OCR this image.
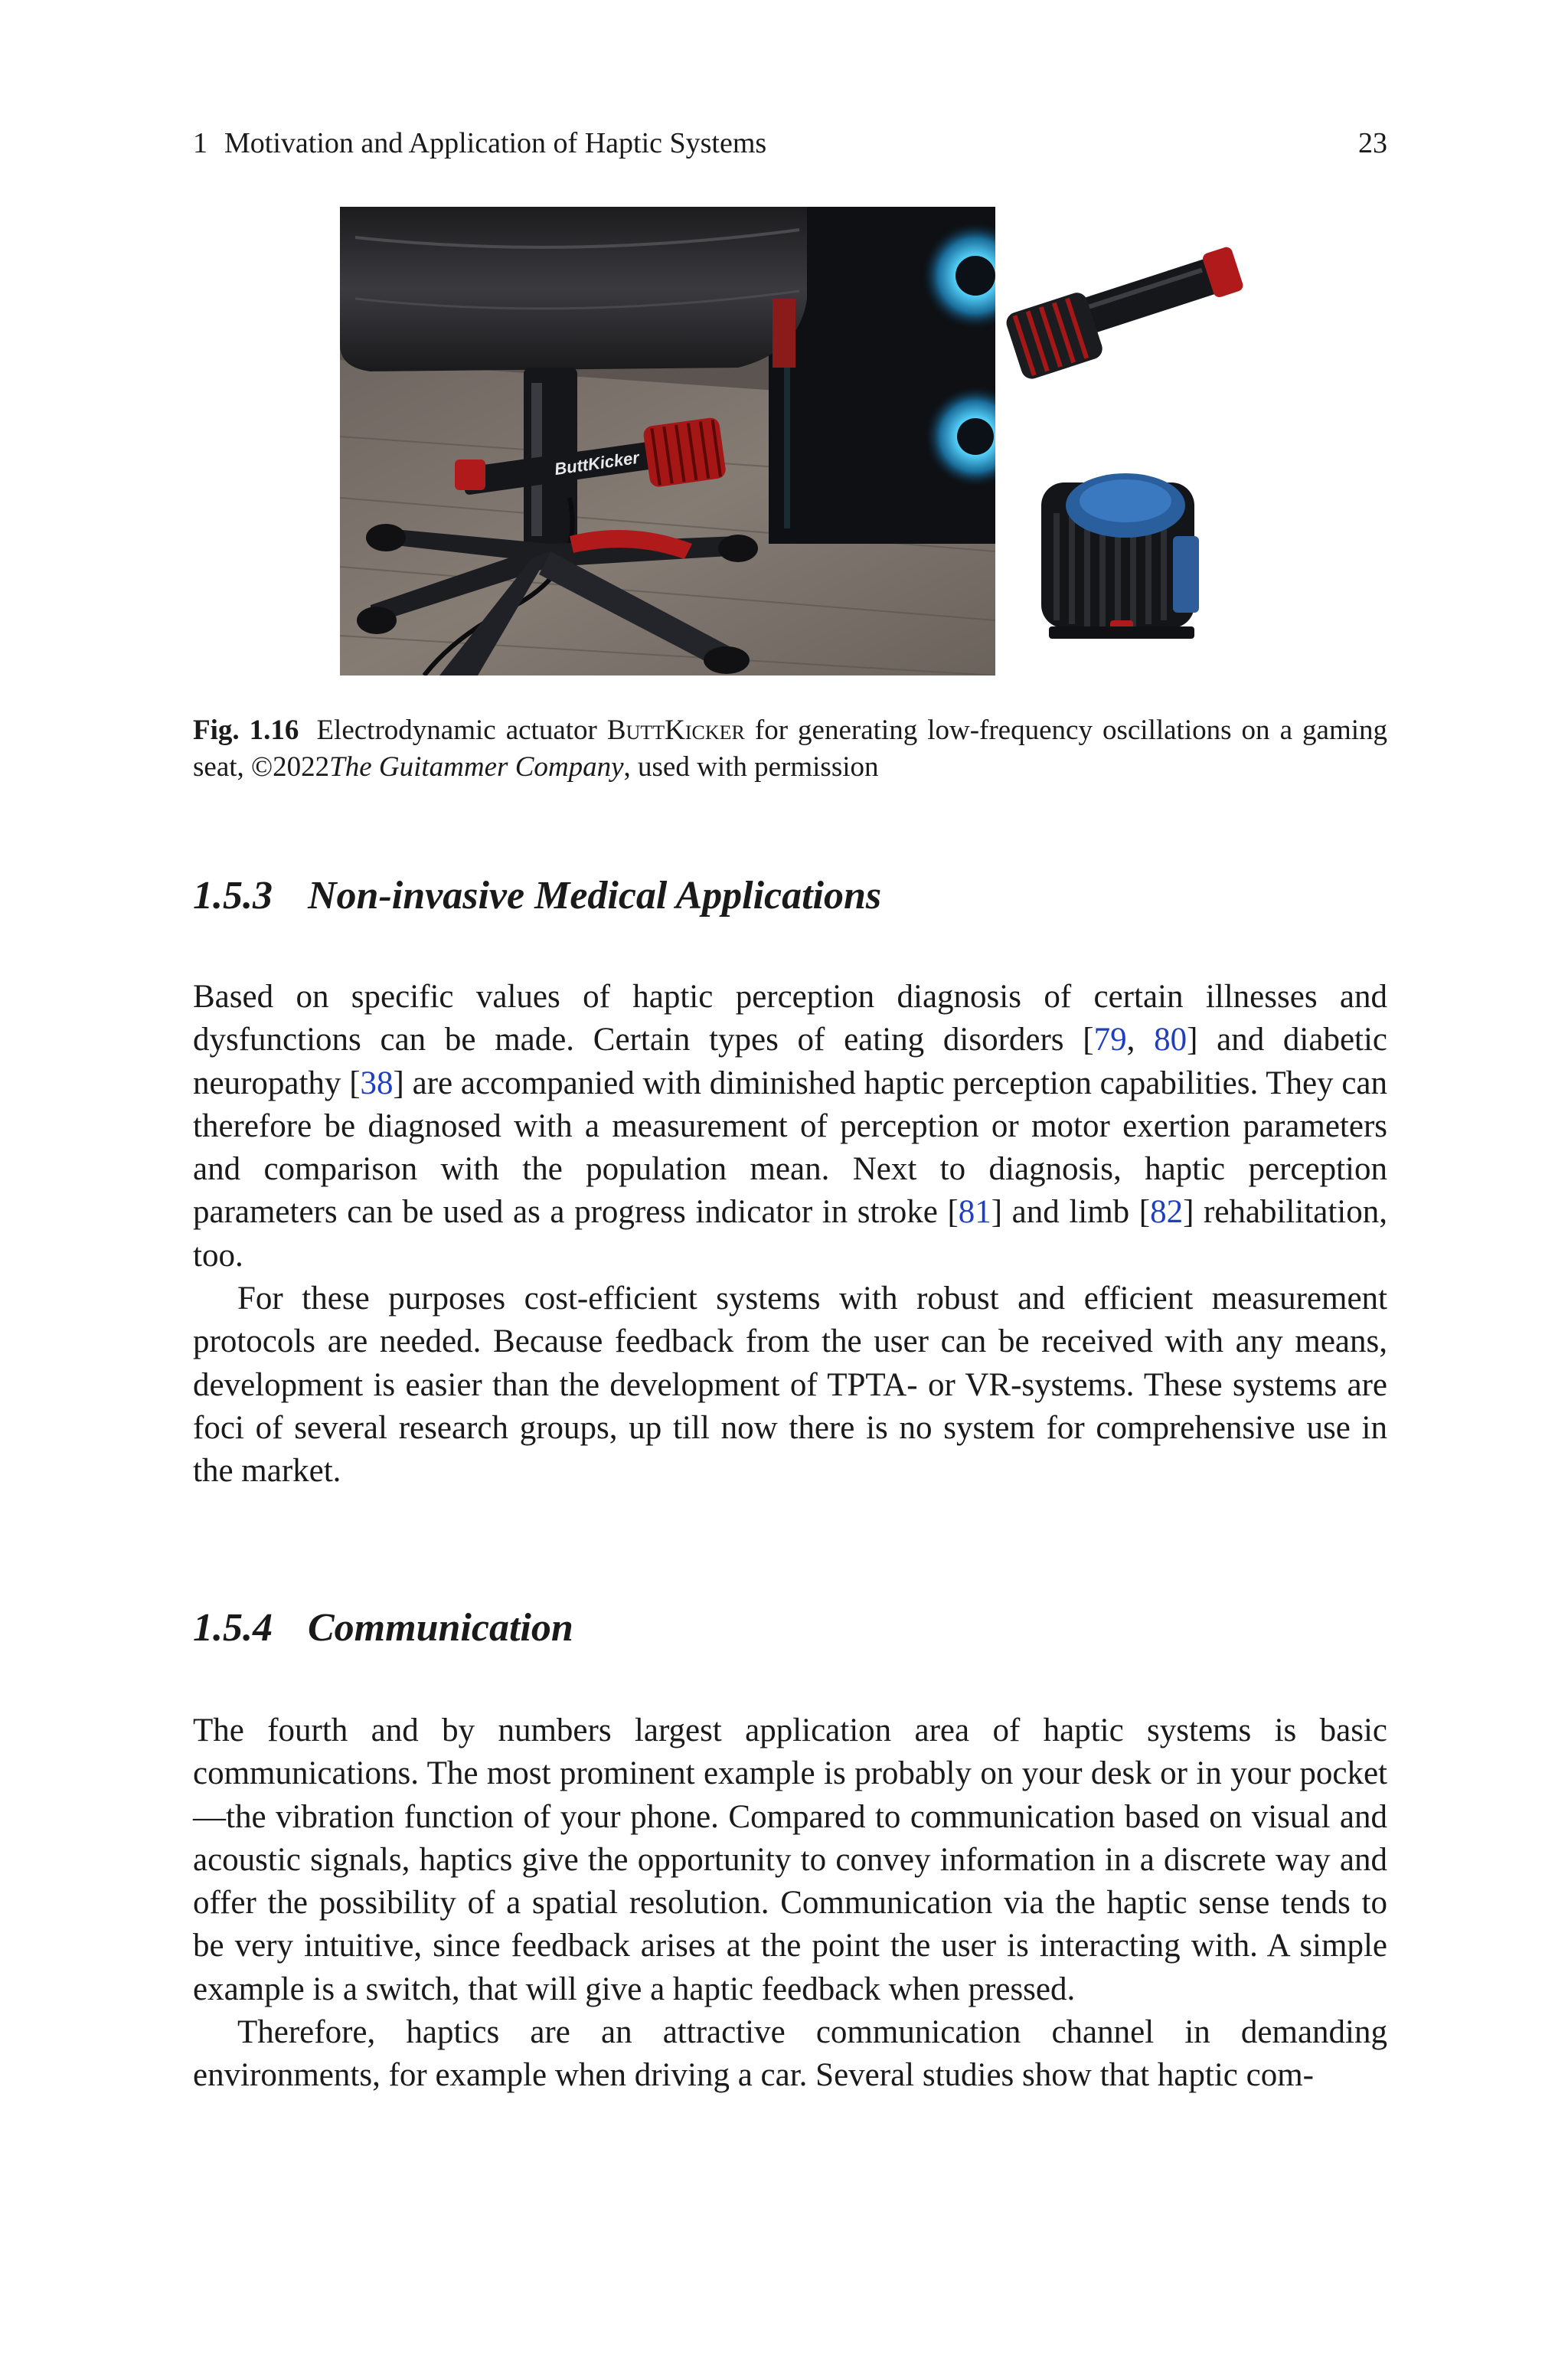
1 Motivation and Application of Haptic Systems	23
ButtKicker
Fig. 1.16 Electrodynamic actuator ButtKicker for generating low-frequency oscillations on a gaming seat, ©2022The Guitammer Company, used with permission
1.5.3 Non-invasive Medical Applications

Based on specific values of haptic perception diagnosis of certain illnesses and dysfunctions can be made. Certain types of eating disorders [79, 80] and diabetic neuropathy [38] are accompanied with diminished haptic perception capabilities. They can therefore be diagnosed with a measurement of perception or motor exertion parameters and comparison with the population mean. Next to diagnosis, haptic perception parameters can be used as a progress indicator in stroke [81] and limb [82] rehabilitation, too.

For these purposes cost-efficient systems with robust and efficient measurement protocols are needed. Because feedback from the user can be received with any means, development is easier than the development of TPTA- or VR-systems. These systems are foci of several research groups, up till now there is no system for comprehensive use in the market.

1.5.4 Communication

The fourth and by numbers largest application area of haptic systems is basic communications. The most prominent example is probably on your desk or in your pocket—the vibration function of your phone. Compared to communication based on visual and acoustic signals, haptics give the opportunity to convey information in a discrete way and offer the possibility of a spatial resolution. Communication via the haptic sense tends to be very intuitive, since feedback arises at the point the user is interacting with. A simple example is a switch, that will give a haptic feedback when pressed.

Therefore, haptics are an attractive communication channel in demanding environments, for example when driving a car. Several studies show that haptic com-
